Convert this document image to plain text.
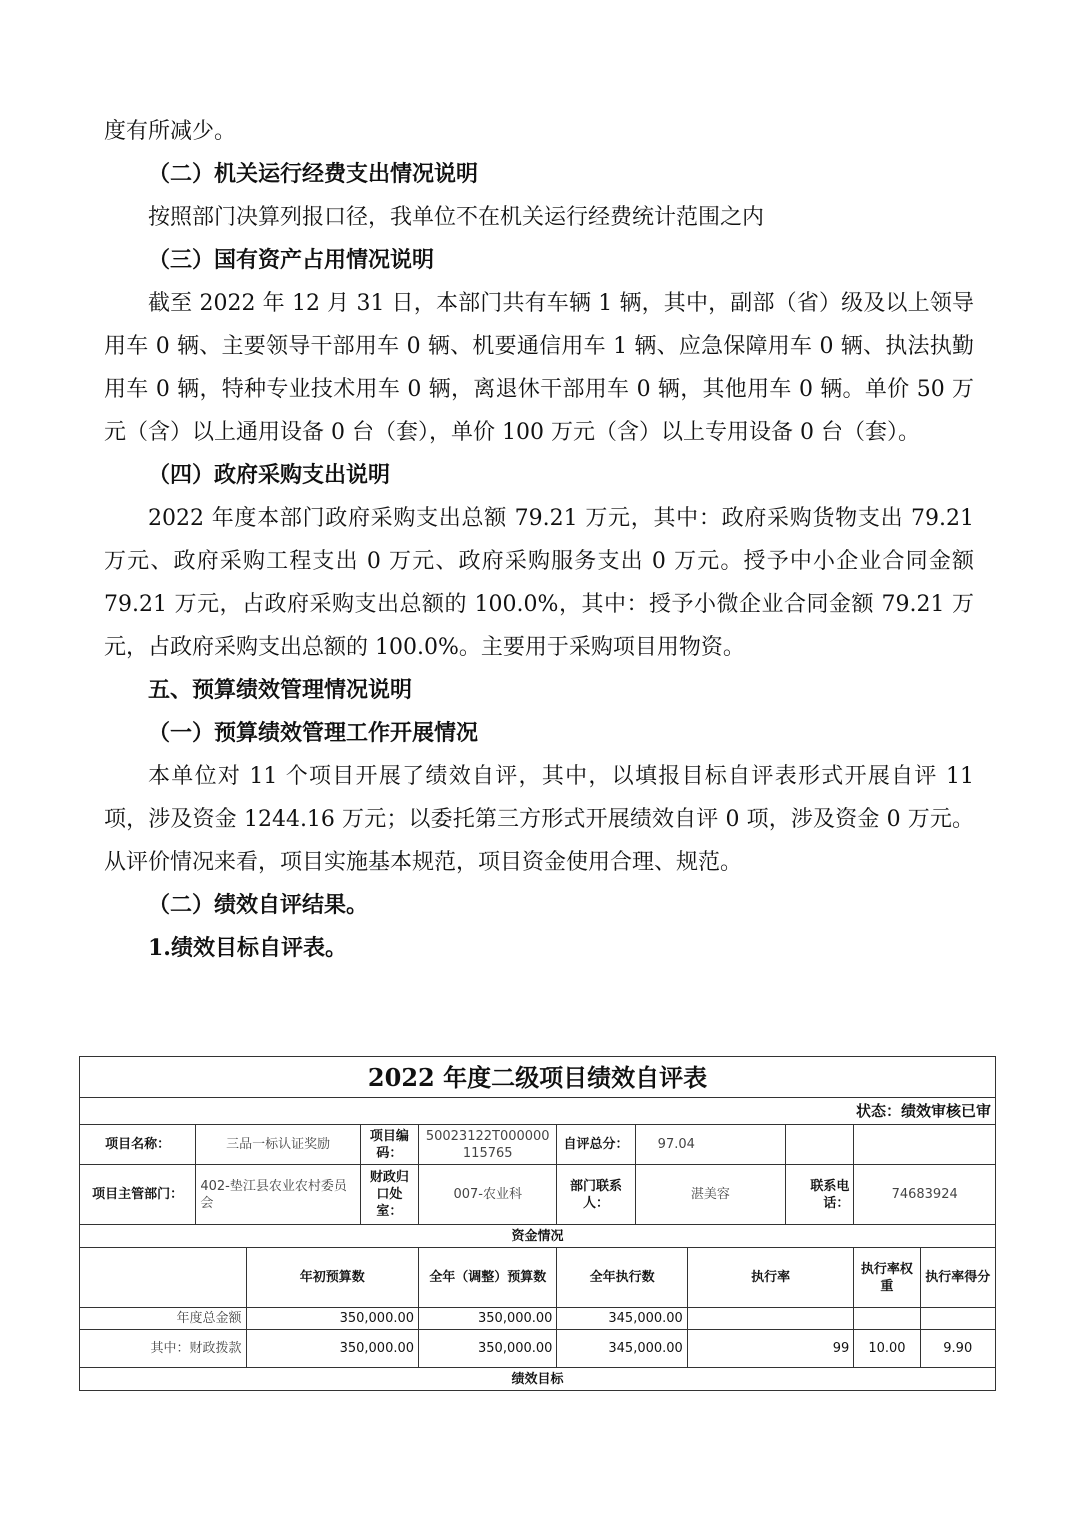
度有所减少。

（二）机关运行经费支出情况说明

按照部门决算列报口径，我单位不在机关运行经费统计范围之内

（三）国有资产占用情况说明

截至 2022 年 12 月 31 日，本部门共有车辆 1 辆，其中，副部（省）级及以上领导用车 0 辆、主要领导干部用车 0 辆、机要通信用车 1 辆、应急保障用车 0 辆、执法执勤用车 0 辆，特种专业技术用车 0 辆，离退休干部用车 0 辆，其他用车 0 辆。单价 50 万元（含）以上通用设备 0 台（套），单价 100 万元（含）以上专用设备 0 台（套）。

（四）政府采购支出说明

2022 年度本部门政府采购支出总额 79.21 万元，其中：政府采购货物支出 79.21 万元、政府采购工程支出 0 万元、政府采购服务支出 0 万元。授予中小企业合同金额 79.21 万元，占政府采购支出总额的 100.0%，其中：授予小微企业合同金额 79.21 万元，占政府采购支出总额的 100.0%。主要用于采购项目用物资。

五、预算绩效管理情况说明

（一）预算绩效管理工作开展情况

本单位对 11 个项目开展了绩效自评，其中，以填报目标自评表形式开展自评 11 项，涉及资金 1244.16 万元；以委托第三方形式开展绩效自评 0 项，涉及资金 0 万元。从评价情况来看，项目实施基本规范，项目资金使用合理、规范。

（二）绩效自评结果。

1.绩效目标自评表。

2022 年度二级项目绩效自评表										
状态：绩效审核已审										
项目名称：	三品一标认证奖励		项目编码：	50023122T000000115765	自评总分：	97.04				
项目主管部门：	402-垫江县农业农村委员会		财政归口处室：	007-农业科	部门联系人：	湛美容		联系电话：	74683924	
资金情况										
		年初预算数		全年（调整）预算数	全年执行数		执行率		执行率权重	执行率得分
年度总金额		350,000.00		350,000.00	345,000.00					
其中：财政拨款		350,000.00		350,000.00	345,000.00		99		10.00	9.90
绩效目标										
